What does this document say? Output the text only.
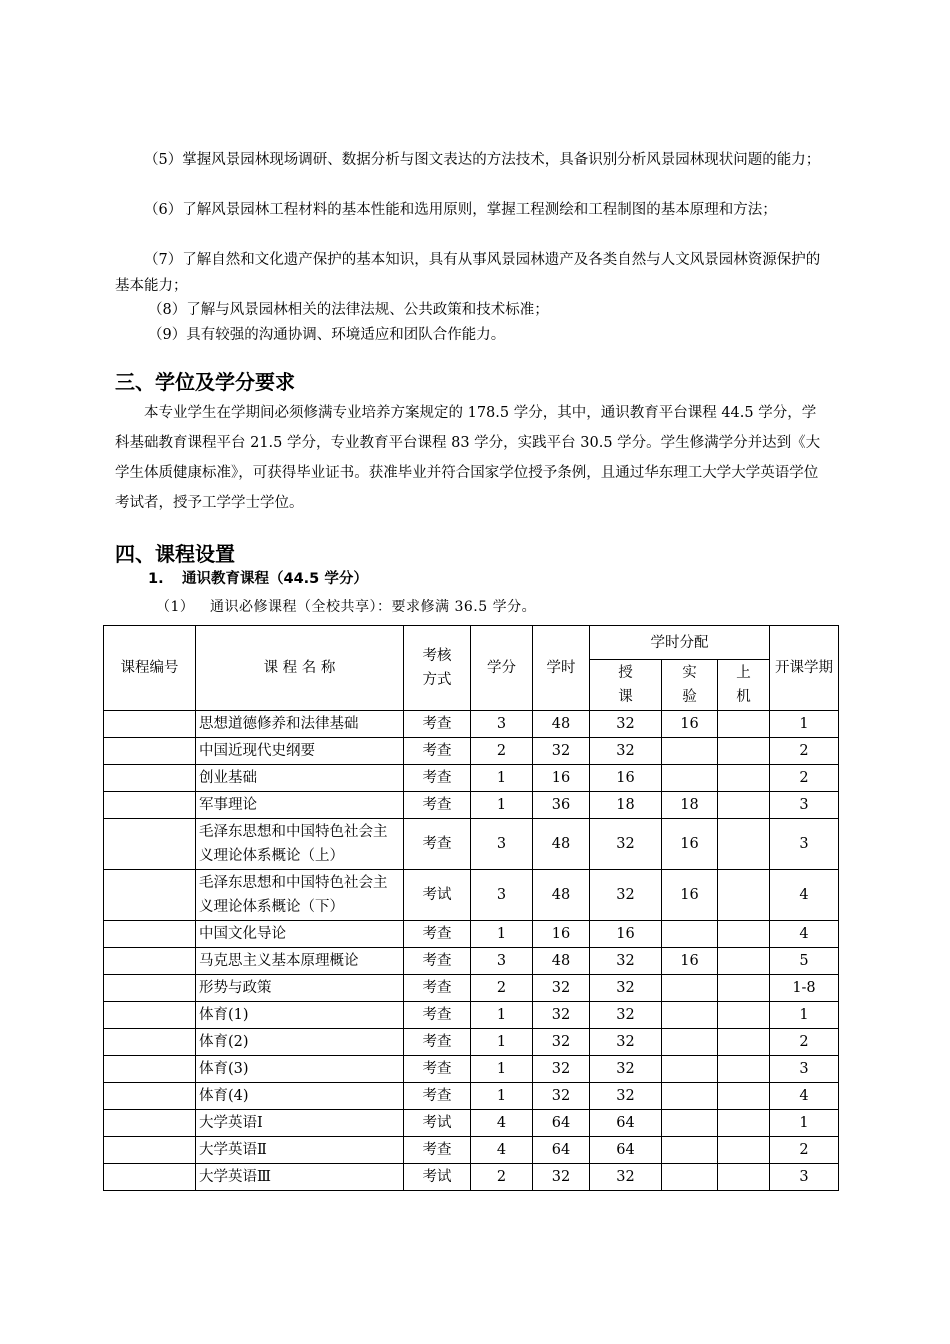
（5）掌握风景园林现场调研、数据分析与图文表达的方法技术，具备识别分析风景园林现状问题的能力；

（6）了解风景园林工程材料的基本性能和选用原则，掌握工程测绘和工程制图的基本原理和方法；

（7）了解自然和文化遗产保护的基本知识，具有从事风景园林遗产及各类自然与人文风景园林资源保护的基本能力；

（8）了解与风景园林相关的法律法规、公共政策和技术标准；

（9）具有较强的沟通协调、环境适应和团队合作能力。

三、学位及学分要求

本专业学生在学期间必须修满专业培养方案规定的 178.5 学分，其中，通识教育平台课程 44.5 学分，学科基础教育课程平台 21.5 学分，专业教育平台课程 83 学分，实践平台 30.5 学分。学生修满学分并达到《大学生体质健康标准》，可获得毕业证书。获准毕业并符合国家学位授予条例，且通过华东理工大学大学英语学位考试者，授予工学学士学位。

四、课程设置

1. 通识教育课程（44.5 学分）

（1） 通识必修课程（全校共享）：要求修满 36.5 学分。

课程编号	课 程 名 称	考核方式	学分	学时	学时分配			开课学期
					授课	实验	上机	
	思想道德修养和法律基础	考查	3	48	32	16		1
	中国近现代史纲要	考查	2	32	32			2
	创业基础	考查	1	16	16			2
	军事理论	考查	1	36	18	18		3
	毛泽东思想和中国特色社会主义理论体系概论（上）	考查	3	48	32	16		3
	毛泽东思想和中国特色社会主义理论体系概论（下）	考试	3	48	32	16		4
	中国文化导论	考查	1	16	16			4
	马克思主义基本原理概论	考查	3	48	32	16		5
	形势与政策	考查	2	32	32			1-8
	体育(1)	考查	1	32	32			1
	体育(2)	考查	1	32	32			2
	体育(3)	考查	1	32	32			3
	体育(4)	考查	1	32	32			4
	大学英语Ⅰ	考试	4	64	64			1
	大学英语Ⅱ	考查	4	64	64			2
	大学英语Ⅲ	考试	2	32	32			3
